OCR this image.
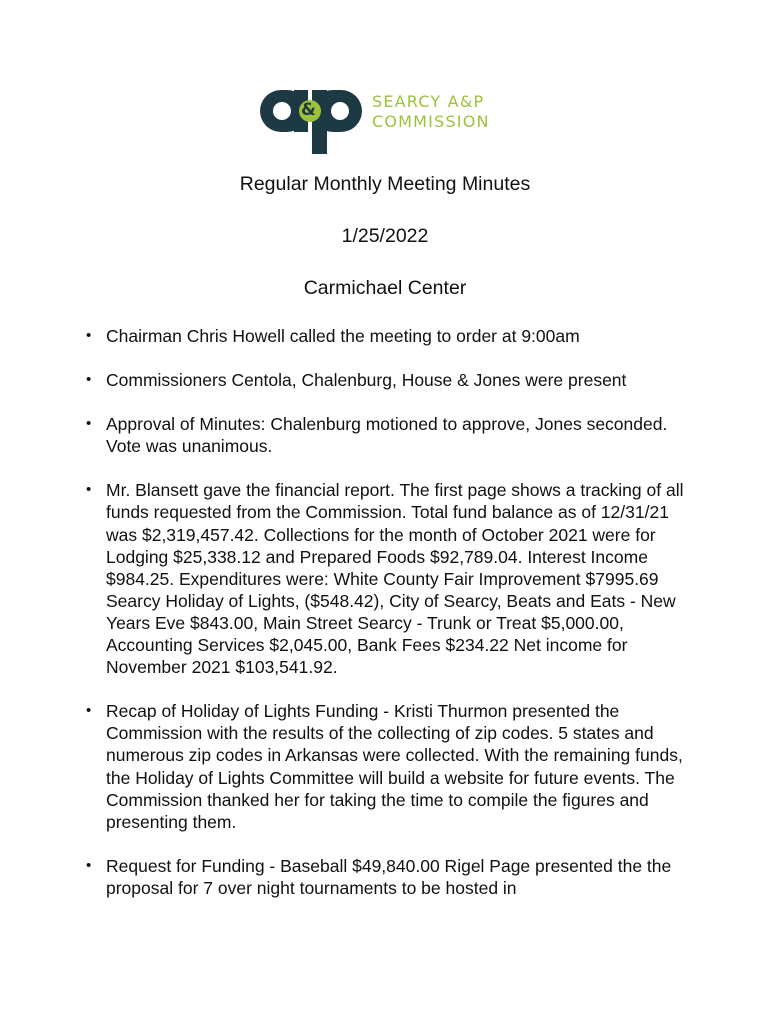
&	SEARCY A&P
COMMISSION
Regular Monthly Meeting Minutes
1/25/2022
Carmichael Center
• Chairman Chris Howell called the meeting to order at 9:00am
• Commissioners Centola, Chalenburg, House & Jones were present
• Approval of Minutes: Chalenburg motioned to approve, Jones seconded. Vote was unanimous.
• Mr. Blansett gave the financial report. The first page shows a tracking of all funds requested from the Commission. Total fund balance as of 12/31/21 was $2,319,457.42. Collections for the month of October 2021 were for Lodging $25,338.12 and Prepared Foods $92,789.04. Interest Income $984.25. Expenditures were: White County Fair Improvement $7995.69 Searcy Holiday of Lights, ($548.42), City of Searcy, Beats and Eats - New Years Eve $843.00, Main Street Searcy - Trunk or Treat $5,000.00, Accounting Services $2,045.00, Bank Fees $234.22 Net income for November 2021 $103,541.92.
• Recap of Holiday of Lights Funding - Kristi Thurmon presented the Commission with the results of the collecting of zip codes. 5 states and numerous zip codes in Arkansas were collected. With the remaining funds, the Holiday of Lights Committee will build a website for future events. The Commission thanked her for taking the time to compile the figures and presenting them.
• Request for Funding - Baseball $49,840.00 Rigel Page presented the the proposal for 7 over night tournaments to be hosted in
